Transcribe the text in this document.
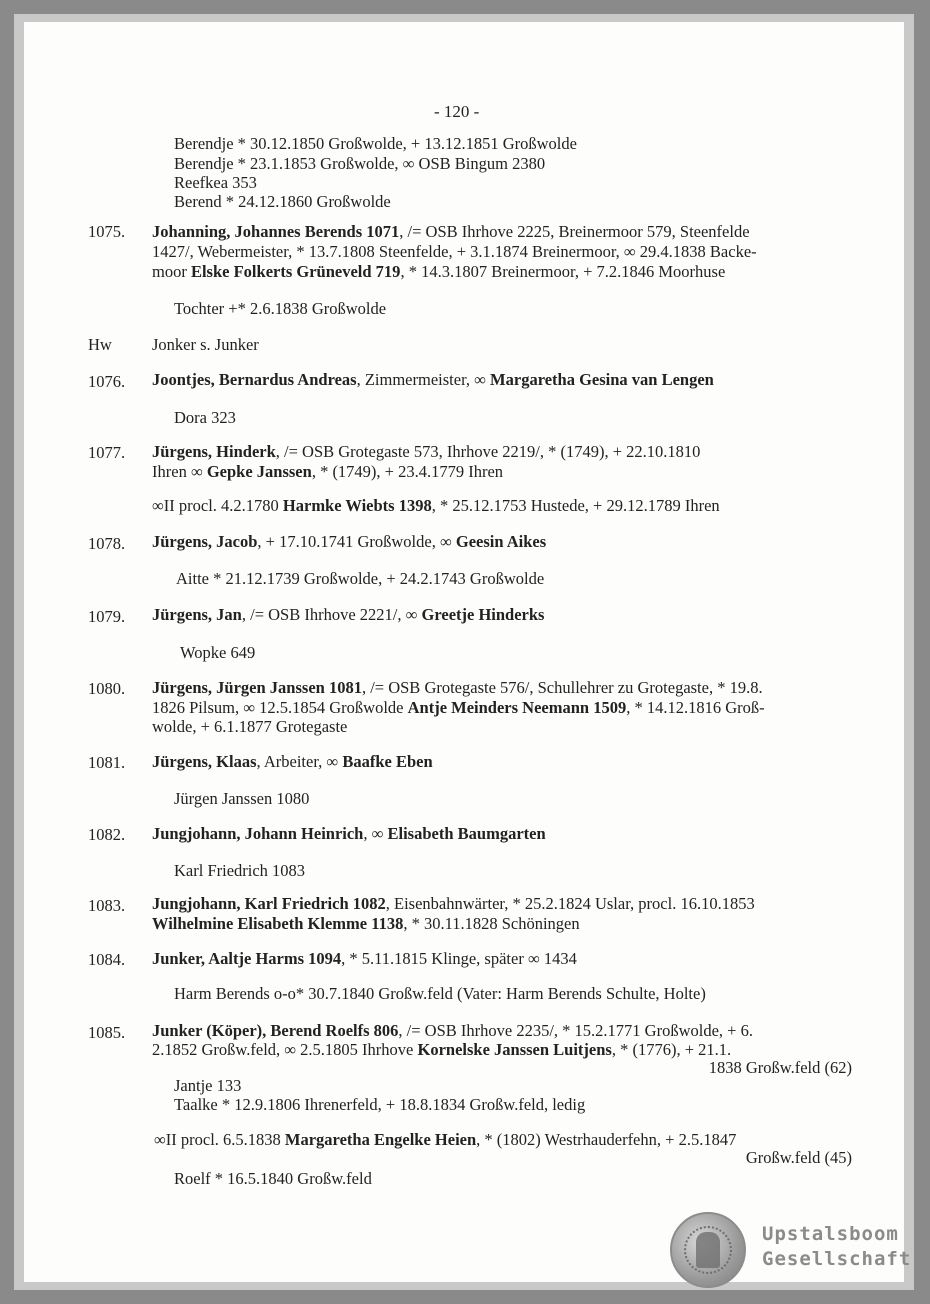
- 120 -
Berendje * 30.12.1850 Großwolde, + 13.12.1851 Großwolde
Berendje * 23.1.1853 Großwolde, ∞ OSB Bingum 2380
Reefkea 353
Berend * 24.12.1860 Großwolde
1075. Johanning, Johannes Berends 1071, /= OSB Ihrhove 2225, Breinermoor 579, Steenfelde
1427/, Webermeister, * 13.7.1808 Steenfelde, + 3.1.1874 Breinermoor, ∞ 29.4.1838 Backe-
moor Elske Folkerts Grüneveld 719, * 14.3.1807 Breinermoor, + 7.2.1846 Moorhuse
Tochter +* 2.6.1838 Großwolde
Hw Jonker s. Junker
1076. Joontjes, Bernardus Andreas, Zimmermeister, ∞ Margaretha Gesina van Lengen
Dora 323
1077. Jürgens, Hinderk, /= OSB Grotegaste 573, Ihrhove 2219/, * (1749), + 22.10.1810
Ihren ∞ Gepke Janssen, * (1749), + 23.4.1779 Ihren
∞II procl. 4.2.1780 Harmke Wiebts 1398, * 25.12.1753 Hustede, + 29.12.1789 Ihren
1078. Jürgens, Jacob, + 17.10.1741 Großwolde, ∞ Geesin Aikes
Aitte * 21.12.1739 Großwolde, + 24.2.1743 Großwolde
1079. Jürgens, Jan, /= OSB Ihrhove 2221/, ∞ Greetje Hinderks
Wopke 649
1080. Jürgens, Jürgen Janssen 1081, /= OSB Grotegaste 576/, Schullehrer zu Grotegaste, * 19.8.
1826 Pilsum, ∞ 12.5.1854 Großwolde Antje Meinders Neemann 1509, * 14.12.1816 Groß-
wolde, + 6.1.1877 Grotegaste
1081. Jürgens, Klaas, Arbeiter, ∞ Baafke Eben
Jürgen Janssen 1080
1082. Jungjohann, Johann Heinrich, ∞ Elisabeth Baumgarten
Karl Friedrich 1083
1083. Jungjohann, Karl Friedrich 1082, Eisenbahnwärter, * 25.2.1824 Uslar, procl. 16.10.1853
Wilhelmine Elisabeth Klemme 1138, * 30.11.1828 Schöningen
1084. Junker, Aaltje Harms 1094, * 5.11.1815 Klinge, später ∞ 1434
Harm Berends o-o* 30.7.1840 Großw.feld (Vater: Harm Berends Schulte, Holte)
1085. Junker (Köper), Berend Roelfs 806, /= OSB Ihrhove 2235/, * 15.2.1771 Großwolde, + 6.
2.1852 Großw.feld, ∞ 2.5.1805 Ihrhove Kornelske Janssen Luitjens, * (1776), + 21.1.
1838 Großw.feld (62)
Jantje 133
Taalke * 12.9.1806 Ihrenerfeld, + 18.8.1834 Großw.feld, ledig
∞II procl. 6.5.1838 Margaretha Engelke Heien, * (1802) Westrhauderfehn, + 2.5.1847
Großw.feld (45)
Roelf * 16.5.1840 Großw.feld
Upstalsboom
Gesellschaft
